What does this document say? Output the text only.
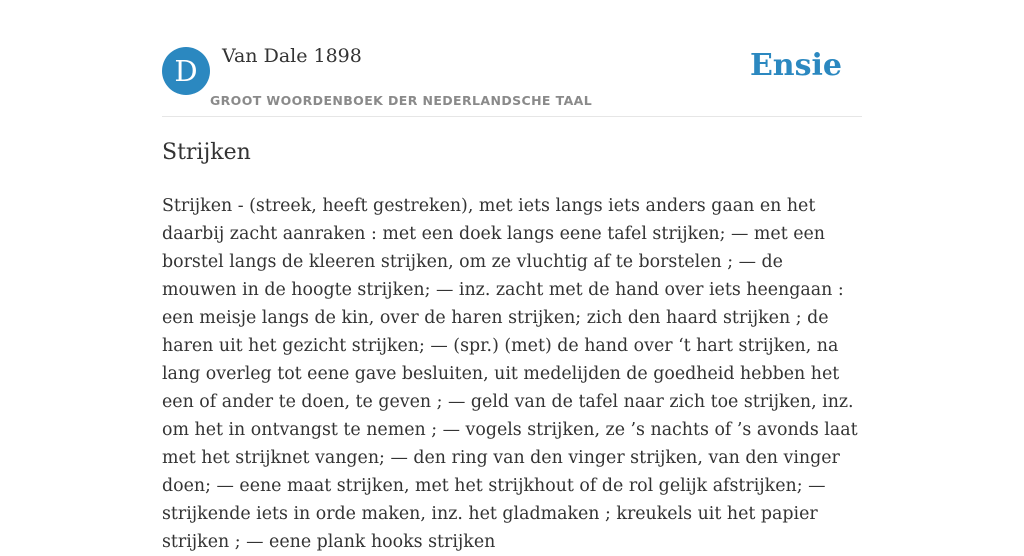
D	Van Dale 1898
GROOT WOORDENBOEK DER NEDERLANDSCHE TAAL
Ensie
Strijken

Strijken - (streek, heeft gestreken), met iets langs iets anders gaan en het daarbij zacht aanraken : met een doek langs eene tafel strijken; — met een borstel langs de kleeren strijken, om ze vluchtig af te borstelen ; — de mouwen in de hoogte strijken; — inz. zacht met de hand over iets heengaan : een meisje langs de kin, over de haren strijken; zich den haard strijken ; de haren uit het gezicht strijken; — (spr.) (met) de hand over ‘t hart strijken, na lang overleg tot eene gave besluiten, uit medelijden de goedheid hebben het een of ander te doen, te geven ; — geld van de tafel naar zich toe strijken, inz. om het in ontvangst te nemen ; — vogels strijken, ze ’s nachts of ’s avonds laat met het strijknet vangen; — den ring van den vinger strijken, van den vinger doen; — eene maat strijken, met het strijkhout of de rol gelijk afstrijken; — strijkende iets in orde maken, inz. het gladmaken ; kreukels uit het papier strijken ; — eene plank hooks strijken
